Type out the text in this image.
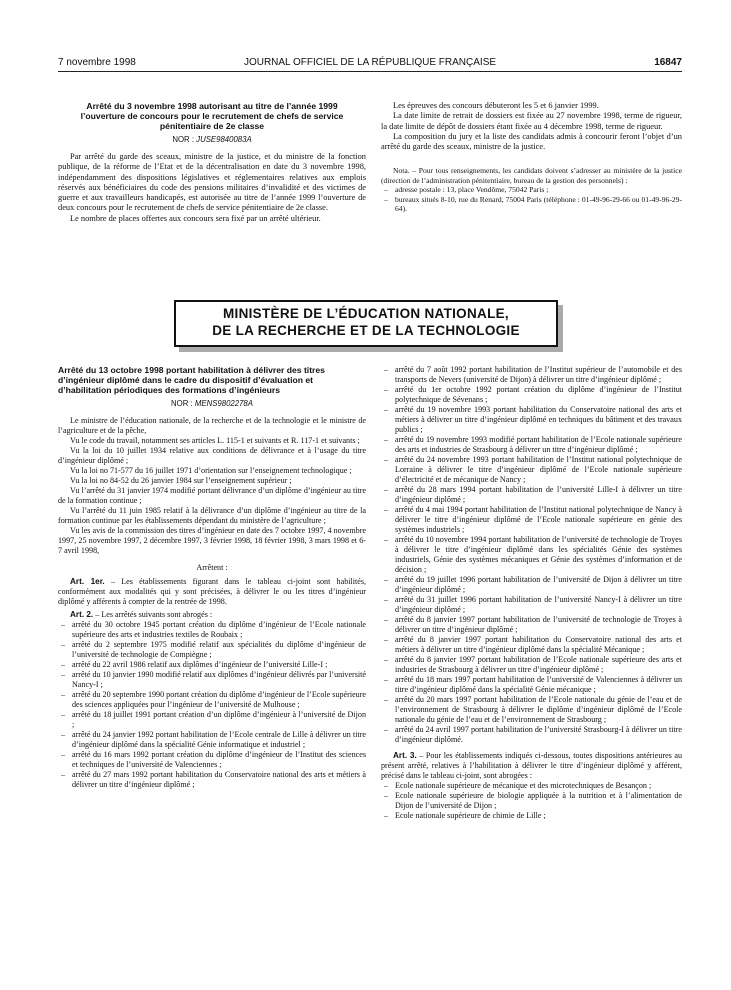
7 novembre 1998	JOURNAL OFFICIEL DE LA RÉPUBLIQUE FRANÇAISE	16847
Arrêté du 3 novembre 1998 autorisant au titre de l’année 1999 l’ouverture de concours pour le recrutement de chefs de service pénitentiaire de 2e classe
NOR : JUSE9840083A

Par arrêté du garde des sceaux, ministre de la justice, et du ministre de la fonction publique, de la réforme de l’Etat et de la décentralisation en date du 3 novembre 1998, indépendamment des dispositions législatives et réglementaires relatives aux emplois réservés aux bénéficiaires du code des pensions militaires d’invalidité et des victimes de guerre et aux travailleurs handicapés, est autorisée au titre de l’année 1999 l’ouverture de deux concours pour le recrutement de chefs de service pénitentiaire de 2e classe.

Le nombre de places offertes aux concours sera fixé par un arrêté ultérieur.

Les épreuves des concours débuteront les 5 et 6 janvier 1999.

La date limite de retrait de dossiers est fixée au 27 novembre 1998, terme de rigueur, la date limite de dépôt de dossiers étant fixée au 4 décembre 1998, terme de rigueur.

La composition du jury et la liste des candidats admis à concourir feront l’objet d’un arrêté du garde des sceaux, ministre de la justice.

Nota. – Pour tous renseignements, les candidats doivent s’adresser au ministère de la justice (direction de l’administration pénitentiaire, bureau de la gestion des personnels) :

– adresse postale : 13, place Vendôme, 75042 Paris ;
– bureaux situés 8-10, rue du Renard, 75004 Paris (téléphone : 01-49-96-29-66 ou 01-49-96-29-64).
MINISTÈRE DE L’ÉDUCATION NATIONALE,
DE LA RECHERCHE ET DE LA TECHNOLOGIE
Arrêté du 13 octobre 1998 portant habilitation à délivrer des titres d’ingénieur diplômé dans le cadre du dispositif d’évaluation et d’habilitation périodiques des formations d’ingénieurs
NOR : MENS9802278A

Le ministre de l’éducation nationale, de la recherche et de la technologie et le ministre de l’agriculture et de la pêche,

Vu le code du travail, notamment ses articles L. 115-1 et suivants et R. 117-1 et suivants ;

Vu la loi du 10 juillet 1934 relative aux conditions de délivrance et à l’usage du titre d’ingénieur diplômé ;

Vu la loi no 71-577 du 16 juillet 1971 d’orientation sur l’enseignement technologique ;

Vu la loi no 84-52 du 26 janvier 1984 sur l’enseignement supérieur ;

Vu l’arrêté du 31 janvier 1974 modifié portant délivrance d’un diplôme d’ingénieur au titre de la formation continue ;

Vu l’arrêté du 11 juin 1985 relatif à la délivrance d’un diplôme d’ingénieur au titre de la formation continue par les établissements dépendant du ministère de l’agriculture ;

Vu les avis de la commission des titres d’ingénieur en date des 7 octobre 1997, 4 novembre 1997, 25 novembre 1997, 2 décembre 1997, 3 février 1998, 18 février 1998, 3 mars 1998 et 6-7 avril 1998,

Arrêtent :

Art. 1er. – Les établissements figurant dans le tableau ci-joint sont habilités, conformément aux modalités qui y sont précisées, à délivrer le ou les titres d’ingénieur diplômé y afférents à compter de la rentrée de 1998.

Art. 2. – Les arrêtés suivants sont abrogés :

– arrêté du 30 octobre 1945 portant création du diplôme d’ingénieur de l’Ecole nationale supérieure des arts et industries textiles de Roubaix ;
– arrêté du 2 septembre 1975 modifié relatif aux spécialités du diplôme d’ingénieur de l’université de technologie de Compiègne ;
– arrêté du 22 avril 1986 relatif aux diplômes d’ingénieur de l’université Lille-I ;
– arrêté du 10 janvier 1990 modifié relatif aux diplômes d’ingénieur délivrés par l’université Nancy-I ;
– arrêté du 20 septembre 1990 portant création du diplôme d’ingénieur de l’Ecole supérieure des sciences appliquées pour l’ingénieur de l’université de Mulhouse ;
– arrêté du 18 juillet 1991 portant création d’un diplôme d’ingénieur à l’université de Dijon ;
– arrêté du 24 janvier 1992 portant habilitation de l’Ecole centrale de Lille à délivrer un titre d’ingénieur diplômé dans la spécialité Génie informatique et industriel ;
– arrêté du 16 mars 1992 portant création du diplôme d’ingénieur de l’Institut des sciences et techniques de l’université de Valenciennes ;
– arrêté du 27 mars 1992 portant habilitation du Conservatoire national des arts et métiers à délivrer un titre d’ingénieur diplômé ;
– arrêté du 7 août 1992 portant habilitation de l’Institut supérieur de l’automobile et des transports de Nevers (université de Dijon) à délivrer un titre d’ingénieur diplômé ;
– arrêté du 1er octobre 1992 portant création du diplôme d’ingénieur de l’Institut polytechnique de Sévenans ;
– arrêté du 19 novembre 1993 portant habilitation du Conservatoire national des arts et métiers à délivrer un titre d’ingénieur diplômé en techniques du bâtiment et des travaux publics ;
– arrêté du 19 novembre 1993 modifié portant habilitation de l’Ecole nationale supérieure des arts et industries de Strasbourg à délivrer un titre d’ingénieur diplômé ;
– arrêté du 24 novembre 1993 portant habilitation de l’Institut national polytechnique de Lorraine à délivrer le titre d’ingénieur diplômé de l’Ecole nationale supérieure d’électricité et de mécanique de Nancy ;
– arrêté du 28 mars 1994 portant habilitation de l’université Lille-I à délivrer un titre d’ingénieur diplômé ;
– arrêté du 4 mai 1994 portant habilitation de l’Institut national polytechnique de Nancy à délivrer le titre d’ingénieur diplômé de l’Ecole nationale supérieure en génie des systèmes industriels ;
– arrêté du 10 novembre 1994 portant habilitation de l’université de technologie de Troyes à délivrer le titre d’ingénieur diplômé dans les spécialités Génie des systèmes industriels, Génie des systèmes mécaniques et Génie des systèmes d’information et de décision ;
– arrêté du 19 juillet 1996 portant habilitation de l’université de Dijon à délivrer un titre d’ingénieur diplômé ;
– arrêté du 31 juillet 1996 portant habilitation de l’université Nancy-I à délivrer un titre d’ingénieur diplômé ;
– arrêté du 8 janvier 1997 portant habilitation de l’université de technologie de Troyes à délivrer un titre d’ingénieur diplômé ;
– arrêté du 8 janvier 1997 portant habilitation du Conservatoire national des arts et métiers à délivrer un titre d’ingénieur diplômé dans la spécialité Mécanique ;
– arrêté du 8 janvier 1997 portant habilitation de l’Ecole nationale supérieure des arts et industries de Strasbourg à délivrer un titre d’ingénieur diplômé ;
– arrêté du 18 mars 1997 portant habilitation de l’université de Valenciennes à délivrer un titre d’ingénieur diplômé dans la spécialité Génie mécanique ;
– arrêté du 20 mars 1997 portant habilitation de l’Ecole nationale du génie de l’eau et de l’environnement de Strasbourg à délivrer le diplôme d’ingénieur diplômé de l’Ecole nationale du génie de l’eau et de l’environnement de Strasbourg ;
– arrêté du 24 avril 1997 portant habilitation de l’université Strasbourg-I à délivrer un titre d’ingénieur diplômé.

Art. 3. – Pour les établissements indiqués ci-dessous, toutes dispositions antérieures au présent arrêté, relatives à l’habilitation à délivrer le titre d’ingénieur diplômé y afférent, précisé dans le tableau ci-joint, sont abrogées :

– Ecole nationale supérieure de mécanique et des microtechniques de Besançon ;
– Ecole nationale supérieure de biologie appliquée à la nutrition et à l’alimentation de Dijon de l’université de Dijon ;
– Ecole nationale supérieure de chimie de Lille ;
